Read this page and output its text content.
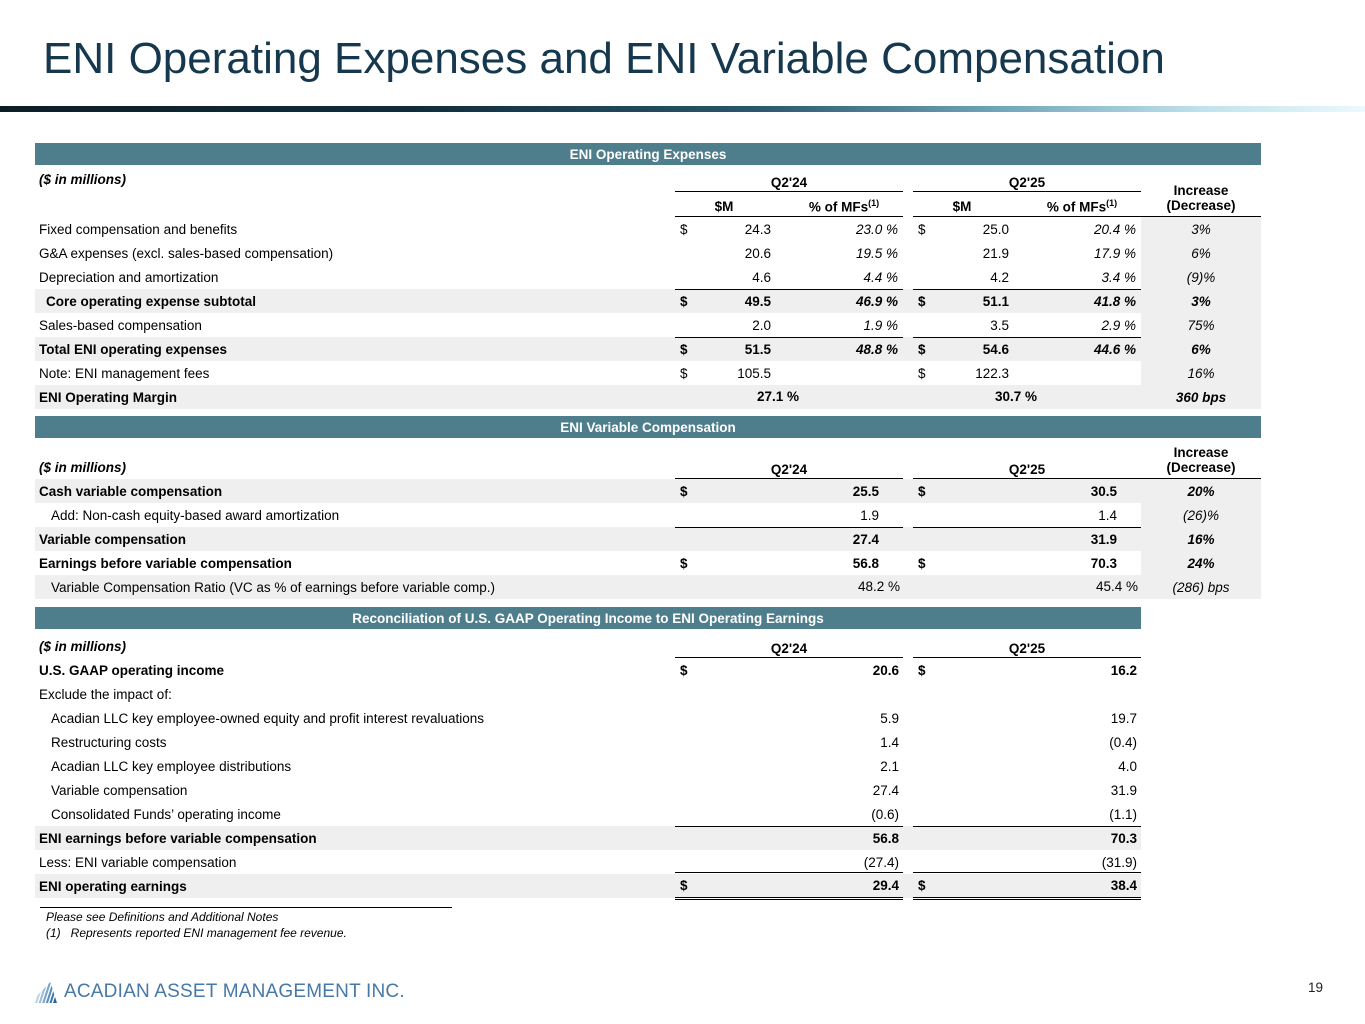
ENI Operating Expenses and ENI Variable Compensation
ENI Operating Expenses
($ in millions)	Q2'24	Q2'25
Increase
(Decrease)
$M	% of MFs$^{(1)}$	$M	% of MFs$^{(1)}$
Fixed compensation and benefits	$	24.3	23.0 %	$	25.0	20.4 %	3%
G&A expenses (excl. sales-based compensation)	20.6	19.5 %	21.9	17.9 %	6%
Depreciation and amortization	4.6	4.4 %	4.2	3.4 %	(9)%
Core operating expense subtotal	$	49.5	46.9 %	$	51.1	41.8 %	3%
Sales-based compensation	2.0	1.9 %	3.5	2.9 %	75%
Total ENI operating expenses	$	51.5	48.8 %	$	54.6	44.6 %	6%
Note: ENI management fees	$	105.5	$	122.3	16%
ENI Operating Margin	27.1 %	30.7 %	360 bps
ENI Variable Compensation
($ in millions)	Q2'24	Q2'25
Increase
(Decrease)
Cash variable compensation	$	25.5	$	30.5	20%
Add: Non-cash equity-based award amortization	1.9	1.4	(26)%
Variable compensation	27.4	31.9	16%
Earnings before variable compensation	$	56.8	$	70.3	24%
Variable Compensation Ratio (VC as % of earnings before variable comp.)	48.2 %	45.4 %	(286) bps
Reconciliation of U.S. GAAP Operating Income to ENI Operating Earnings
($ in millions)	Q2'24	Q2'25
U.S. GAAP operating income	$	20.6	$	16.2
Exclude the impact of:
Acadian LLC key employee-owned equity and profit interest revaluations	5.9	19.7
Restructuring costs	1.4	(0.4)
Acadian LLC key employee distributions	2.1	4.0
Variable compensation	27.4	31.9
Consolidated Funds’ operating income	(0.6)	(1.1)
ENI earnings before variable compensation	56.8	70.3
Less: ENI variable compensation	(27.4)	(31.9)
ENI operating earnings	$	29.4	$	38.4
Please see Definitions and Additional Notes
(1)   Represents reported ENI management fee revenue.
ACADIAN ASSET MANAGEMENT INC.	19
